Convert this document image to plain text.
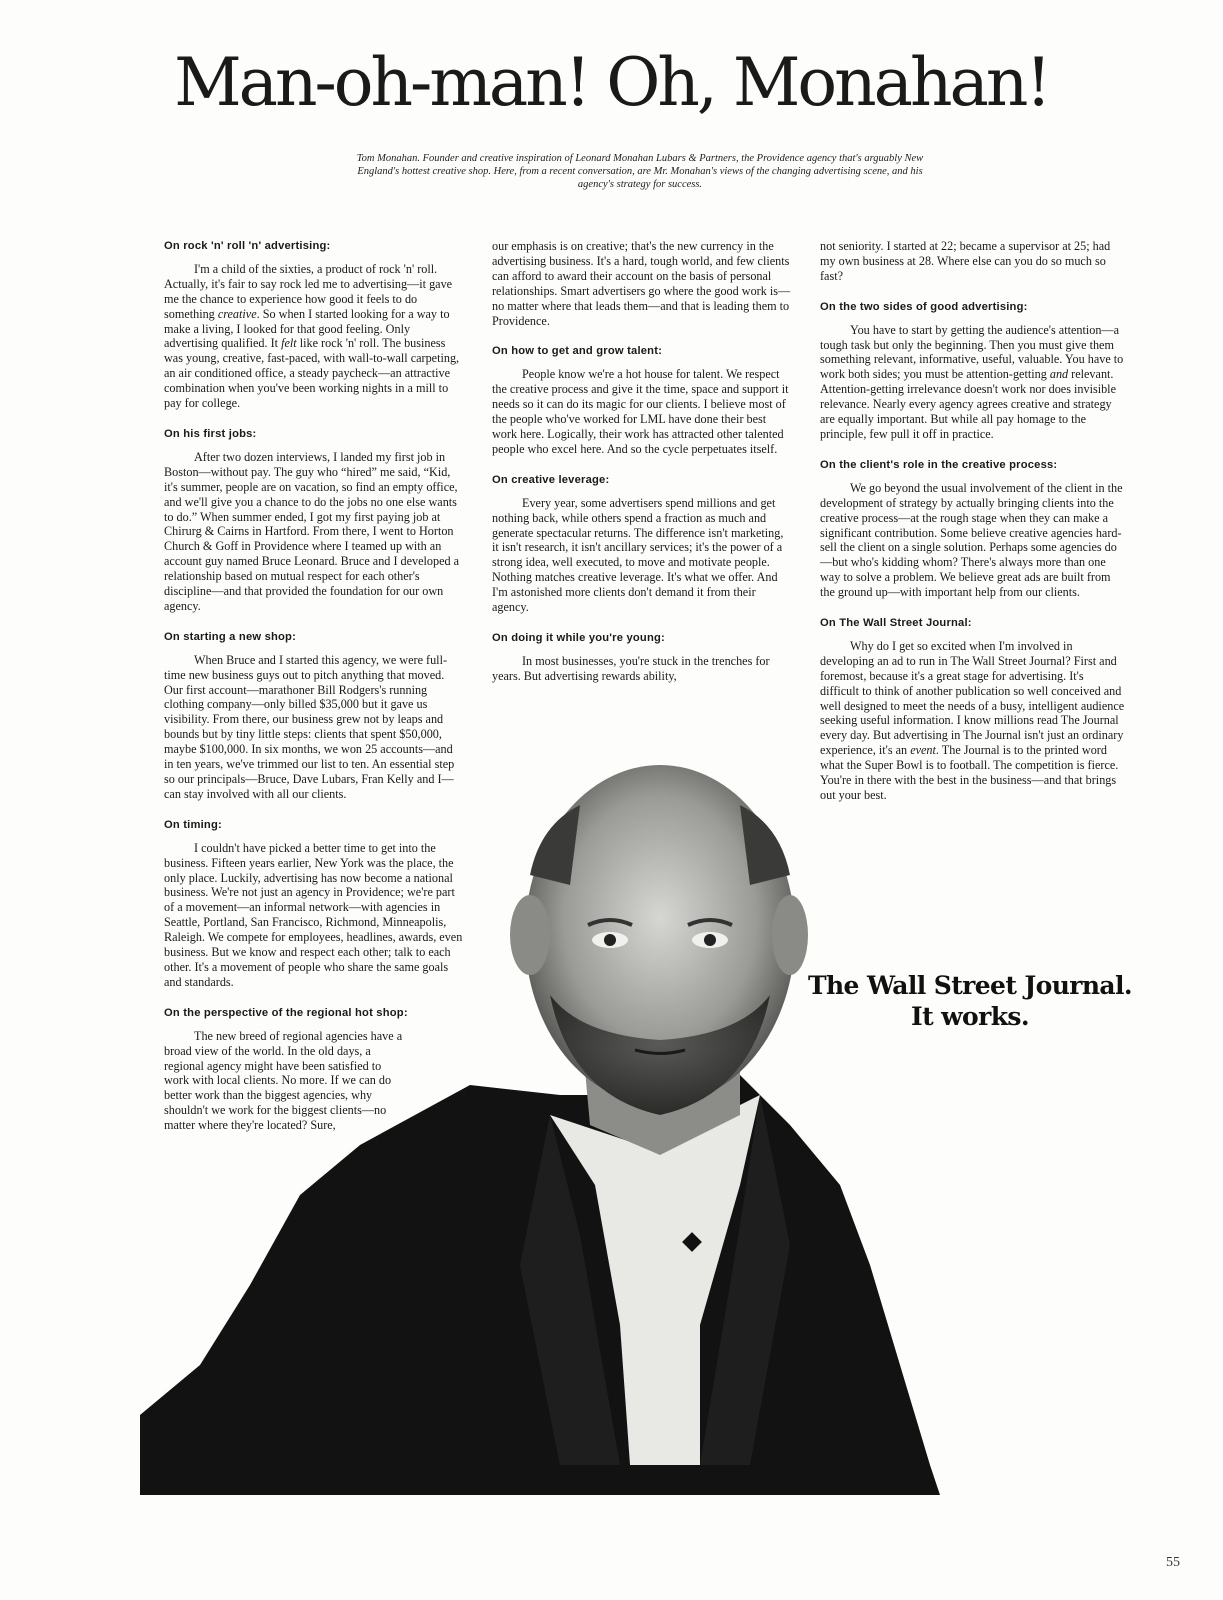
Man-oh-man! Oh, Monahan!

Tom Monahan. Founder and creative inspiration of Leonard Monahan Lubars & Partners, the Providence agency that's arguably New England's hottest creative shop. Here, from a recent conversation, are Mr. Monahan's views of the changing advertising scene, and his agency's strategy for success.

On rock 'n' roll 'n' advertising:

I'm a child of the sixties, a product of rock 'n' roll. Actually, it's fair to say rock led me to advertising—it gave me the chance to experience how good it feels to do something creative. So when I started looking for a way to make a living, I looked for that good feeling. Only advertising qualified. It felt like rock 'n' roll. The business was young, creative, fast-paced, with wall-to-wall carpeting, an air conditioned office, a steady paycheck—an attractive combination when you've been working nights in a mill to pay for college.

On his first jobs:

After two dozen interviews, I landed my first job in Boston—without pay. The guy who “hired” me said, “Kid, it's summer, people are on vacation, so find an empty office, and we'll give you a chance to do the jobs no one else wants to do.” When summer ended, I got my first paying job at Chirurg & Cairns in Hartford. From there, I went to Horton Church & Goff in Providence where I teamed up with an account guy named Bruce Leonard. Bruce and I developed a relationship based on mutual respect for each other's discipline—and that provided the foundation for our own agency.

On starting a new shop:

When Bruce and I started this agency, we were full-time new business guys out to pitch anything that moved. Our first account—marathoner Bill Rodgers's running clothing company—only billed $35,000 but it gave us visibility. From there, our business grew not by leaps and bounds but by tiny little steps: clients that spent $50,000, maybe $100,000. In six months, we won 25 accounts—and in ten years, we've trimmed our list to ten. An essential step so our principals—Bruce, Dave Lubars, Fran Kelly and I—can stay involved with all our clients.

On timing:

I couldn't have picked a better time to get into the business. Fifteen years earlier, New York was the place, the only place. Luckily, advertising has now become a national business. We're not just an agency in Providence; we're part of a movement—an informal network—with agencies in Seattle, Portland, San Francisco, Richmond, Minneapolis, Raleigh. We compete for employees, headlines, awards, even business. But we know and respect each other; talk to each other. It's a movement of people who share the same goals and standards.

On the perspective of the regional hot shop:

The new breed of regional agencies have a broad view of the world. In the old days, a regional agency might have been satisfied to work with local clients. No more. If we can do better work than the biggest agencies, why shouldn't we work for the biggest clients—no matter where they're located? Sure,

our emphasis is on creative; that's the new currency in the advertising business. It's a hard, tough world, and few clients can afford to award their account on the basis of personal relationships. Smart advertisers go where the good work is—no matter where that leads them—and that is leading them to Providence.

On how to get and grow talent:

People know we're a hot house for talent. We respect the creative process and give it the time, space and support it needs so it can do its magic for our clients. I believe most of the people who've worked for LML have done their best work here. Logically, their work has attracted other talented people who excel here. And so the cycle perpetuates itself.

On creative leverage:

Every year, some advertisers spend millions and get nothing back, while others spend a fraction as much and generate spectacular returns. The difference isn't marketing, it isn't research, it isn't ancillary services; it's the power of a strong idea, well executed, to move and motivate people. Nothing matches creative leverage. It's what we offer. And I'm astonished more clients don't demand it from their agency.

On doing it while you're young:

In most businesses, you're stuck in the trenches for years. But advertising rewards ability,

not seniority. I started at 22; became a supervisor at 25; had my own business at 28. Where else can you do so much so fast?

On the two sides of good advertising:

You have to start by getting the audience's attention—a tough task but only the beginning. Then you must give them something relevant, informative, useful, valuable. You have to work both sides; you must be attention-getting and relevant. Attention-getting irrelevance doesn't work nor does invisible relevance. Nearly every agency agrees creative and strategy are equally important. But while all pay homage to the principle, few pull it off in practice.

On the client's role in the creative process:

We go beyond the usual involvement of the client in the development of strategy by actually bringing clients into the creative process—at the rough stage when they can make a significant contribution. Some believe creative agencies hard-sell the client on a single solution. Perhaps some agencies do—but who's kidding whom? There's always more than one way to solve a problem. We believe great ads are built from the ground up—with important help from our clients.

On The Wall Street Journal:

Why do I get so excited when I'm involved in developing an ad to run in The Wall Street Journal? First and foremost, because it's a great stage for advertising. It's difficult to think of another publication so well conceived and well designed to meet the needs of a busy, intelligent audience seeking useful information. I know millions read The Journal every day. But advertising in The Journal isn't just an ordinary experience, it's an event. The Journal is to the printed word what the Super Bowl is to football. The competition is fierce. You're in there with the best in the business—and that brings out your best.

The Wall Street Journal.
It works.
55
